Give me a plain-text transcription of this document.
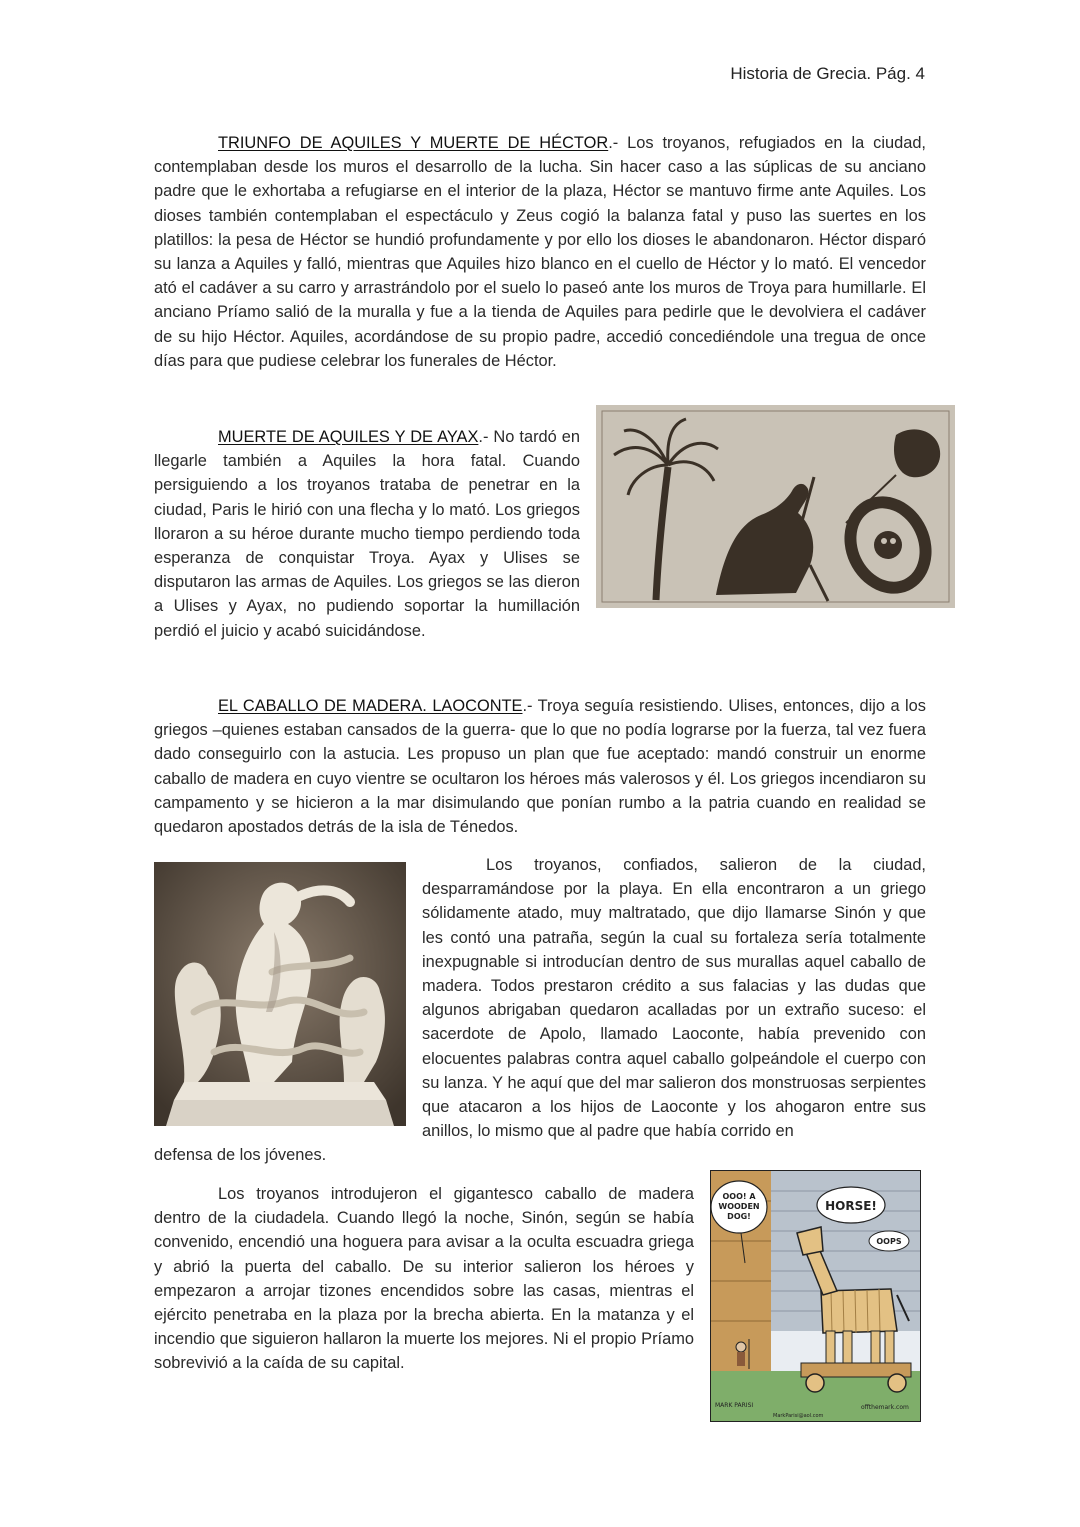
Historia de Grecia. Pág. 4

TRIUNFO DE AQUILES Y MUERTE DE HÉCTOR.- Los troyanos, refugiados en la ciudad, contemplaban desde los muros el desarrollo de la lucha. Sin hacer caso a las súplicas de su anciano padre que le exhortaba a refugiarse en el interior de la plaza, Héctor se mantuvo firme ante Aquiles. Los dioses también contemplaban el espectáculo y Zeus cogió la balanza fatal y puso las suertes en los platillos: la pesa de Héctor se hundió profundamente y por ello los dioses le abandonaron. Héctor disparó su lanza a Aquiles y falló, mientras que Aquiles hizo blanco en el cuello de Héctor y lo mató. El vencedor ató el cadáver a su carro y arrastrándolo por el suelo lo paseó ante los muros de Troya para humillarle. El anciano Príamo salió de la muralla y fue a la tienda de Aquiles para pedirle que le devolviera el cadáver de su hijo Héctor. Aquiles, acordándose de su propio padre, accedió concediéndole una tregua de once días para que pudiese celebrar los funerales de Héctor.

MUERTE DE AQUILES Y DE AYAX.- No tardó en llegarle también a Aquiles la hora fatal. Cuando persiguiendo a los troyanos trataba de penetrar en la ciudad, Paris le hirió con una flecha y lo mató. Los griegos lloraron a su héroe durante mucho tiempo perdiendo toda esperanza de conquistar Troya. Ayax y Ulises se disputaron las armas de Aquiles. Los griegos se las dieron a Ulises y Ayax, no pudiendo soportar la humillación perdió el juicio y acabó suicidándose.

EL CABALLO DE MADERA. LAOCONTE.- Troya seguía resistiendo. Ulises, entonces, dijo a los griegos –quienes estaban cansados de la guerra- que lo que no podía lograrse por la fuerza, tal vez fuera dado conseguirlo con la astucia. Les propuso un plan que fue aceptado: mandó construir un enorme caballo de madera en cuyo vientre se ocultaron los héroes más valerosos y él. Los griegos incendiaron su campamento y se hicieron a la mar disimulando que ponían rumbo a la patria cuando en realidad se quedaron apostados detrás de la isla de Ténedos.

Los troyanos, confiados, salieron de la ciudad, desparramándose por la playa. En ella encontraron a un griego sólidamente atado, muy maltratado, que dijo llamarse Sinón y que les contó una patraña, según la cual su fortaleza sería totalmente inexpugnable si introducían dentro de sus murallas aquel caballo de madera. Todos prestaron crédito a sus falacias y las dudas que algunos abrigaban quedaron acalladas por un extraño suceso: el sacerdote de Apolo, llamado Laoconte, había prevenido con elocuentes palabras contra aquel caballo golpeándole el cuerpo con su lanza. Y he aquí que del mar salieron dos monstruosas serpientes que atacaron a los hijos de Laoconte y los ahogaron entre sus anillos, lo mismo que al padre que había corrido en

defensa de los jóvenes.

Los troyanos introdujeron el gigantesco caballo de madera dentro de la ciudadela. Cuando llegó la noche, Sinón, según se había convenido, encendió una hoguera para avisar a la oculta escuadra griega y abrió la puerta del caballo. De su interior salieron los héroes y empezaron a arrojar tizones encendidos sobre las casas, mientras el ejército penetraba en la plaza por la brecha abierta. En la matanza y el incendio que siguieron hallaron la muerte los mejores. Ni el propio Príamo sobrevivió a la caída de su capital.

OOO! A
WOODEN
DOG!
HORSE!
OOPS
MARK PARISI
MarkParisi@aol.com
offthemark.com
